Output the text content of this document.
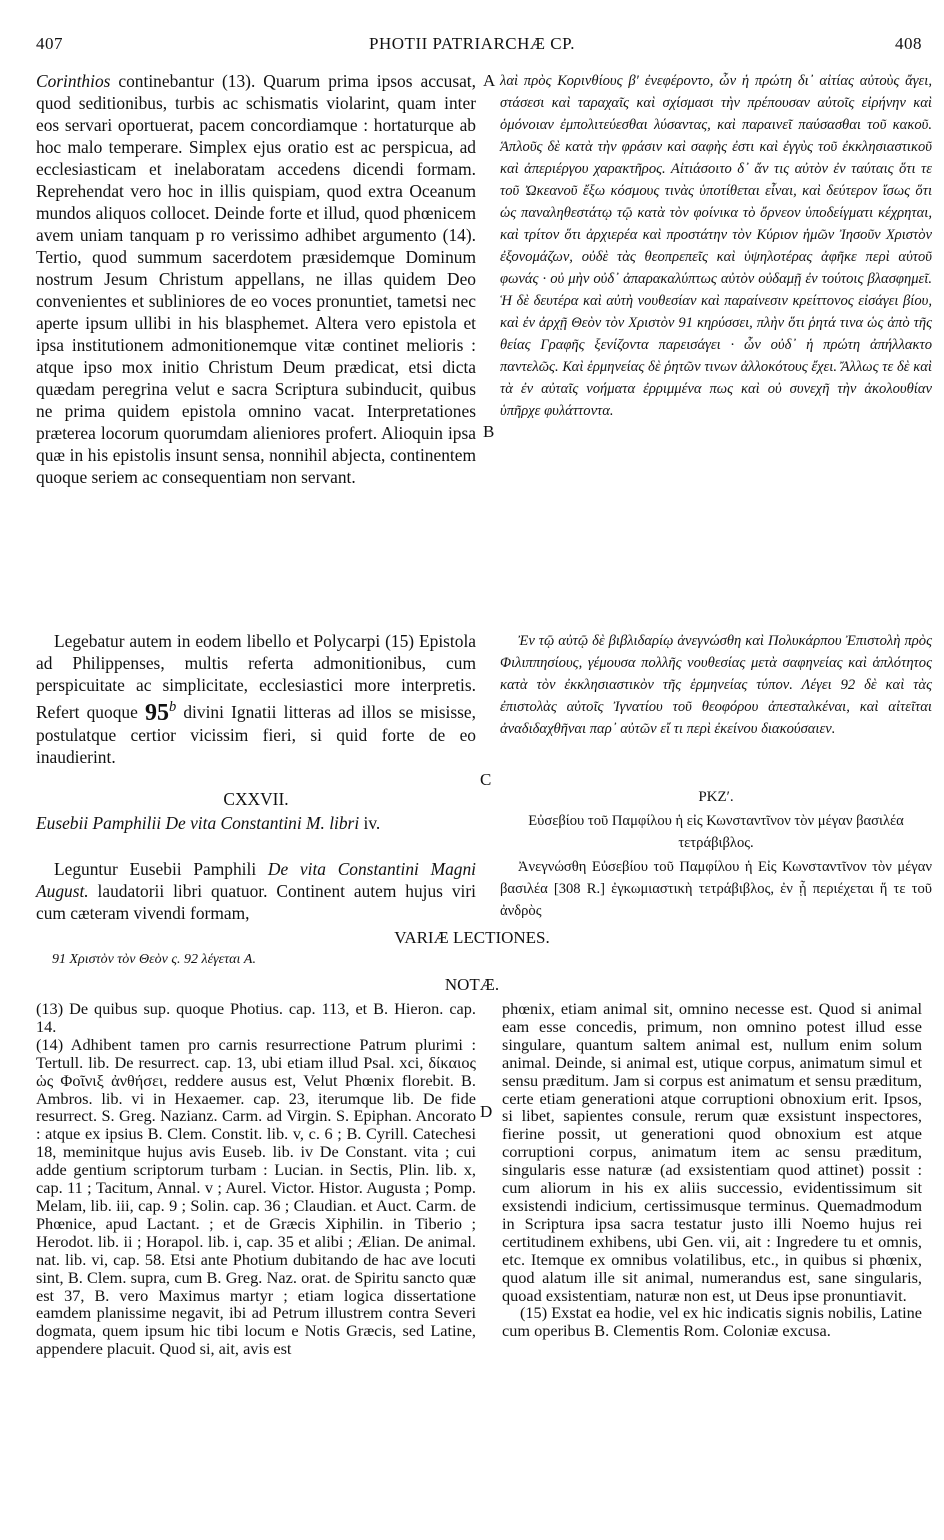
407	PHOTII PATRIARCHÆ CP.	408
A
B
C
D

Corinthios continebantur (13). Quarum prima ipsos accusat, quod seditionibus, turbis ac schismatis violarint, quam inter eos servari oportuerat, pacem concordiamque : hortaturque ab hoc malo temperare. Simplex ejus oratio est ac perspicua, ad ecclesiasticam et inelaboratam accedens dicendi formam. Reprehendat vero hoc in illis quispiam, quod extra Oceanum mundos aliquos collocet. Deinde forte et illud, quod phœnicem avem uniam tanquam p ro verissimo adhibet argumento (14). Tertio, quod summum sacerdotem præsidemque Dominum nostrum Jesum Christum appellans, ne illas quidem Deo convenientes et subliniores de eo voces pronuntiet, tametsi nec aperte ipsum ullibi in his blasphemet. Altera vero epistola et ipsa institutionem admonitionemque vitæ continet melioris : atque ipso mox initio Christum Deum prædicat, etsi dicta quædam peregrina velut e sacra Scriptura subinducit, quibus ne prima quidem epistola omnino vacat. Interpretationes præterea locorum quorumdam alieniores profert. Alioquin ipsa quæ in his epistolis insunt sensa, nonnihil abjecta, continentem quoque seriem ac consequentiam non servant.

Legebatur autem in eodem libello et Polycarpi (15) Epistola ad Philippenses, multis referta admonitionibus, cum perspicuitate ac simplicitate, ecclesiastici more interpretis. Refert quoque 95$^b$ divini Ignatii litteras ad illos se misisse, postulatque certior vicissim fieri, si quid forte de eo inaudierint.

CXXVII.
Eusebii Pamphilii De vita Constantini M. libri iv.

Leguntur Eusebii Pamphili De vita Constantini Magni August. laudatorii libri quatuor. Continent autem hujus viri cum cæteram vivendi formam,

λαὶ πρὸς Κορινθίους β′ ἐνεφέροντο, ὧν ἡ πρώτη δι᾽ αἰτίας αὐτοὺς ἄγει, στάσεσι καὶ ταραχαῖς καὶ σχίσμασι τὴν πρέπουσαν αὐτοῖς εἰρήνην καὶ ὁμόνοιαν ἐμπολιτεύεσθαι λύσαντας, καὶ παραινεῖ παύσασθαι τοῦ κακοῦ. Ἁπλοῦς δὲ κατὰ τὴν φράσιν καὶ σαφὴς ἐστι καὶ ἐγγὺς τοῦ ἐκκλησιαστικοῦ καὶ ἀπεριέργου χαρακτῆρος. Αἰτιάσοιτο δ᾽ ἄν τις αὐτὸν ἐν ταύταις ὅτι τε τοῦ Ὠκεανοῦ ἔξω κόσμους τινὰς ὑποτίθεται εἶναι, καὶ δεύτερον ἴσως ὅτι ὡς παναληθεστάτῳ τῷ κατὰ τὸν φοίνικα τὸ ὄρνεον ὑποδείγματι κέχρηται, καὶ τρίτον ὅτι ἀρχιερέα καὶ προστάτην τὸν Κύριον ἡμῶν Ἰησοῦν Χριστὸν ἐξονομάζων, οὐδὲ τὰς θεοπρεπεῖς καὶ ὑψηλοτέρας ἀφῆκε περὶ αὐτοῦ φωνάς · οὐ μὴν οὐδ᾽ ἀπαρακαλύπτως αὐτὸν οὐδαμῇ ἐν τούτοις βλασφημεῖ. Ἡ δὲ δευτέρα καὶ αὐτὴ νουθεσίαν καὶ παραίνεσιν κρείττονος εἰσάγει βίου, καὶ ἐν ἀρχῇ Θεὸν τὸν Χριστὸν 91 κηρύσσει, πλὴν ὅτι ῥητά τινα ὡς ἀπὸ τῆς θείας Γραφῆς ξενίζοντα παρεισάγει · ὧν οὐδ᾽ ἡ πρώτη ἀπήλλακτο παντελῶς. Καὶ ἑρμηνείας δὲ ῥητῶν τινων ἀλλοκότους ἔχει. Ἄλλως τε δὲ καὶ τὰ ἐν αὐταῖς νοήματα ἐρριμμένα πως καὶ οὐ συνεχῆ τὴν ἀκολουθίαν ὑπῆρχε φυλάττοντα.

Ἐν τῷ αὐτῷ δὲ βιβλιδαρίῳ ἀνεγνώσθη καὶ Πολυκάρπου Ἐπιστολὴ πρὸς Φιλιππησίους, γέμουσα πολλῆς νουθεσίας μετὰ σαφηνείας καὶ ἁπλότητος κατὰ τὸν ἐκκλησιαστικὸν τῆς ἑρμηνείας τύπον. Λέγει 92 δὲ καὶ τὰς ἐπιστολὰς αὐτοῖς Ἰγνατίου τοῦ θεοφόρου ἀπεσταλκέναι, καὶ αἰτεῖται ἀναδιδαχθῆναι παρ᾽ αὐτῶν εἴ τι περὶ ἐκείνου διακούσαιεν.

ΡΚΖ′.
Εὐσεβίου τοῦ Παμφίλου ἡ εἰς Κωνσταντῖνον τὸν μέγαν βασιλέα τετράβιβλος.

Ἀνεγνώσθη Εὐσεβίου τοῦ Παμφίλου ἡ Εἰς Κωνσταντῖνον τὸν μέγαν βασιλέα [308 R.] ἐγκωμιαστικὴ τετράβιβλος, ἐν ᾗ περιέχεται ἥ τε τοῦ ἀνδρὸς

VARIÆ LECTIONES.
91 Χριστὸν τὸν Θεὸν ς. 92 λέγεται A.
NOTÆ.

(13) De quibus sup. quoque Photius. cap. 113, et B. Hieron. cap. 14.

(14) Adhibent tamen pro carnis resurrectione Patrum plurimi : Tertull. lib. De resurrect. cap. 13, ubi etiam illud Psal. xci, δίκαιος ὡς Φοῖνιξ ἀνθήσει, reddere ausus est, Velut Phœnix florebit. B. Ambros. lib. vi in Hexaemer. cap. 23, iterumque lib. De fide resurrect. S. Greg. Nazianz. Carm. ad Virgin. S. Epiphan. Ancorato : atque ex ipsius B. Clem. Constit. lib. v, c. 6 ; B. Cyrill. Catechesi 18, meminitque hujus avis Euseb. lib. iv De Constant. vita ; cui adde gentium scriptorum turbam : Lucian. in Sectis, Plin. lib. x, cap. 11 ; Tacitum, Annal. v ; Aurel. Victor. Histor. Augusta ; Pomp. Melam, lib. iii, cap. 9 ; Solin. cap. 36 ; Claudian. et Auct. Carm. de Phœnice, apud Lactant. ; et de Græcis Xiphilin. in Tiberio ; Herodot. lib. ii ; Horapol. lib. i, cap. 35 et alibi ; Ælian. De animal. nat. lib. vi, cap. 58. Etsi ante Photium dubitando de hac ave locuti sint, B. Clem. supra, cum B. Greg. Naz. orat. de Spiritu sancto quæ est 37, B. vero Maximus martyr ; etiam logica dissertatione eamdem planissime negavit, ibi ad Petrum illustrem contra Severi dogmata, quem ipsum hic tibi locum e Notis Græcis, sed Latine, appendere placuit. Quod si, ait, avis est

phœnix, etiam animal sit, omnino necesse est. Quod si animal eam esse concedis, primum, non omnino potest illud esse singulare, quantum saltem animal est, nullum enim solum animal. Deinde, si animal est, utique corpus, animatum simul et sensu præditum. Jam si corpus est animatum et sensu præditum, certe etiam generationi atque corruptioni obnoxium erit. Ipsos, si libet, sapientes consule, rerum quæ exsistunt inspectores, fierine possit, ut generationi quod obnoxium est atque corruptioni corpus, animatum item ac sensu præditum, singularis esse naturæ (ad exsistentiam quod attinet) possit : cum aliorum in his ex aliis successio, evidentissimum sit exsistendi indicium, certissimusque terminus. Quemadmodum in Scriptura ipsa sacra testatur justo illi Noemo hujus rei certitudinem exhibens, ubi Gen. vii, ait : Ingredere tu et omnis, etc. Itemque ex omnibus volatilibus, etc., in quibus si phœnix, quod alatum ille sit animal, numerandus est, sane singularis, quoad exsistentiam, naturæ non est, ut Deus ipse pronuntiavit.

(15) Exstat ea hodie, vel ex hic indicatis signis nobilis, Latine cum operibus B. Clementis Rom. Coloniæ excusa.
